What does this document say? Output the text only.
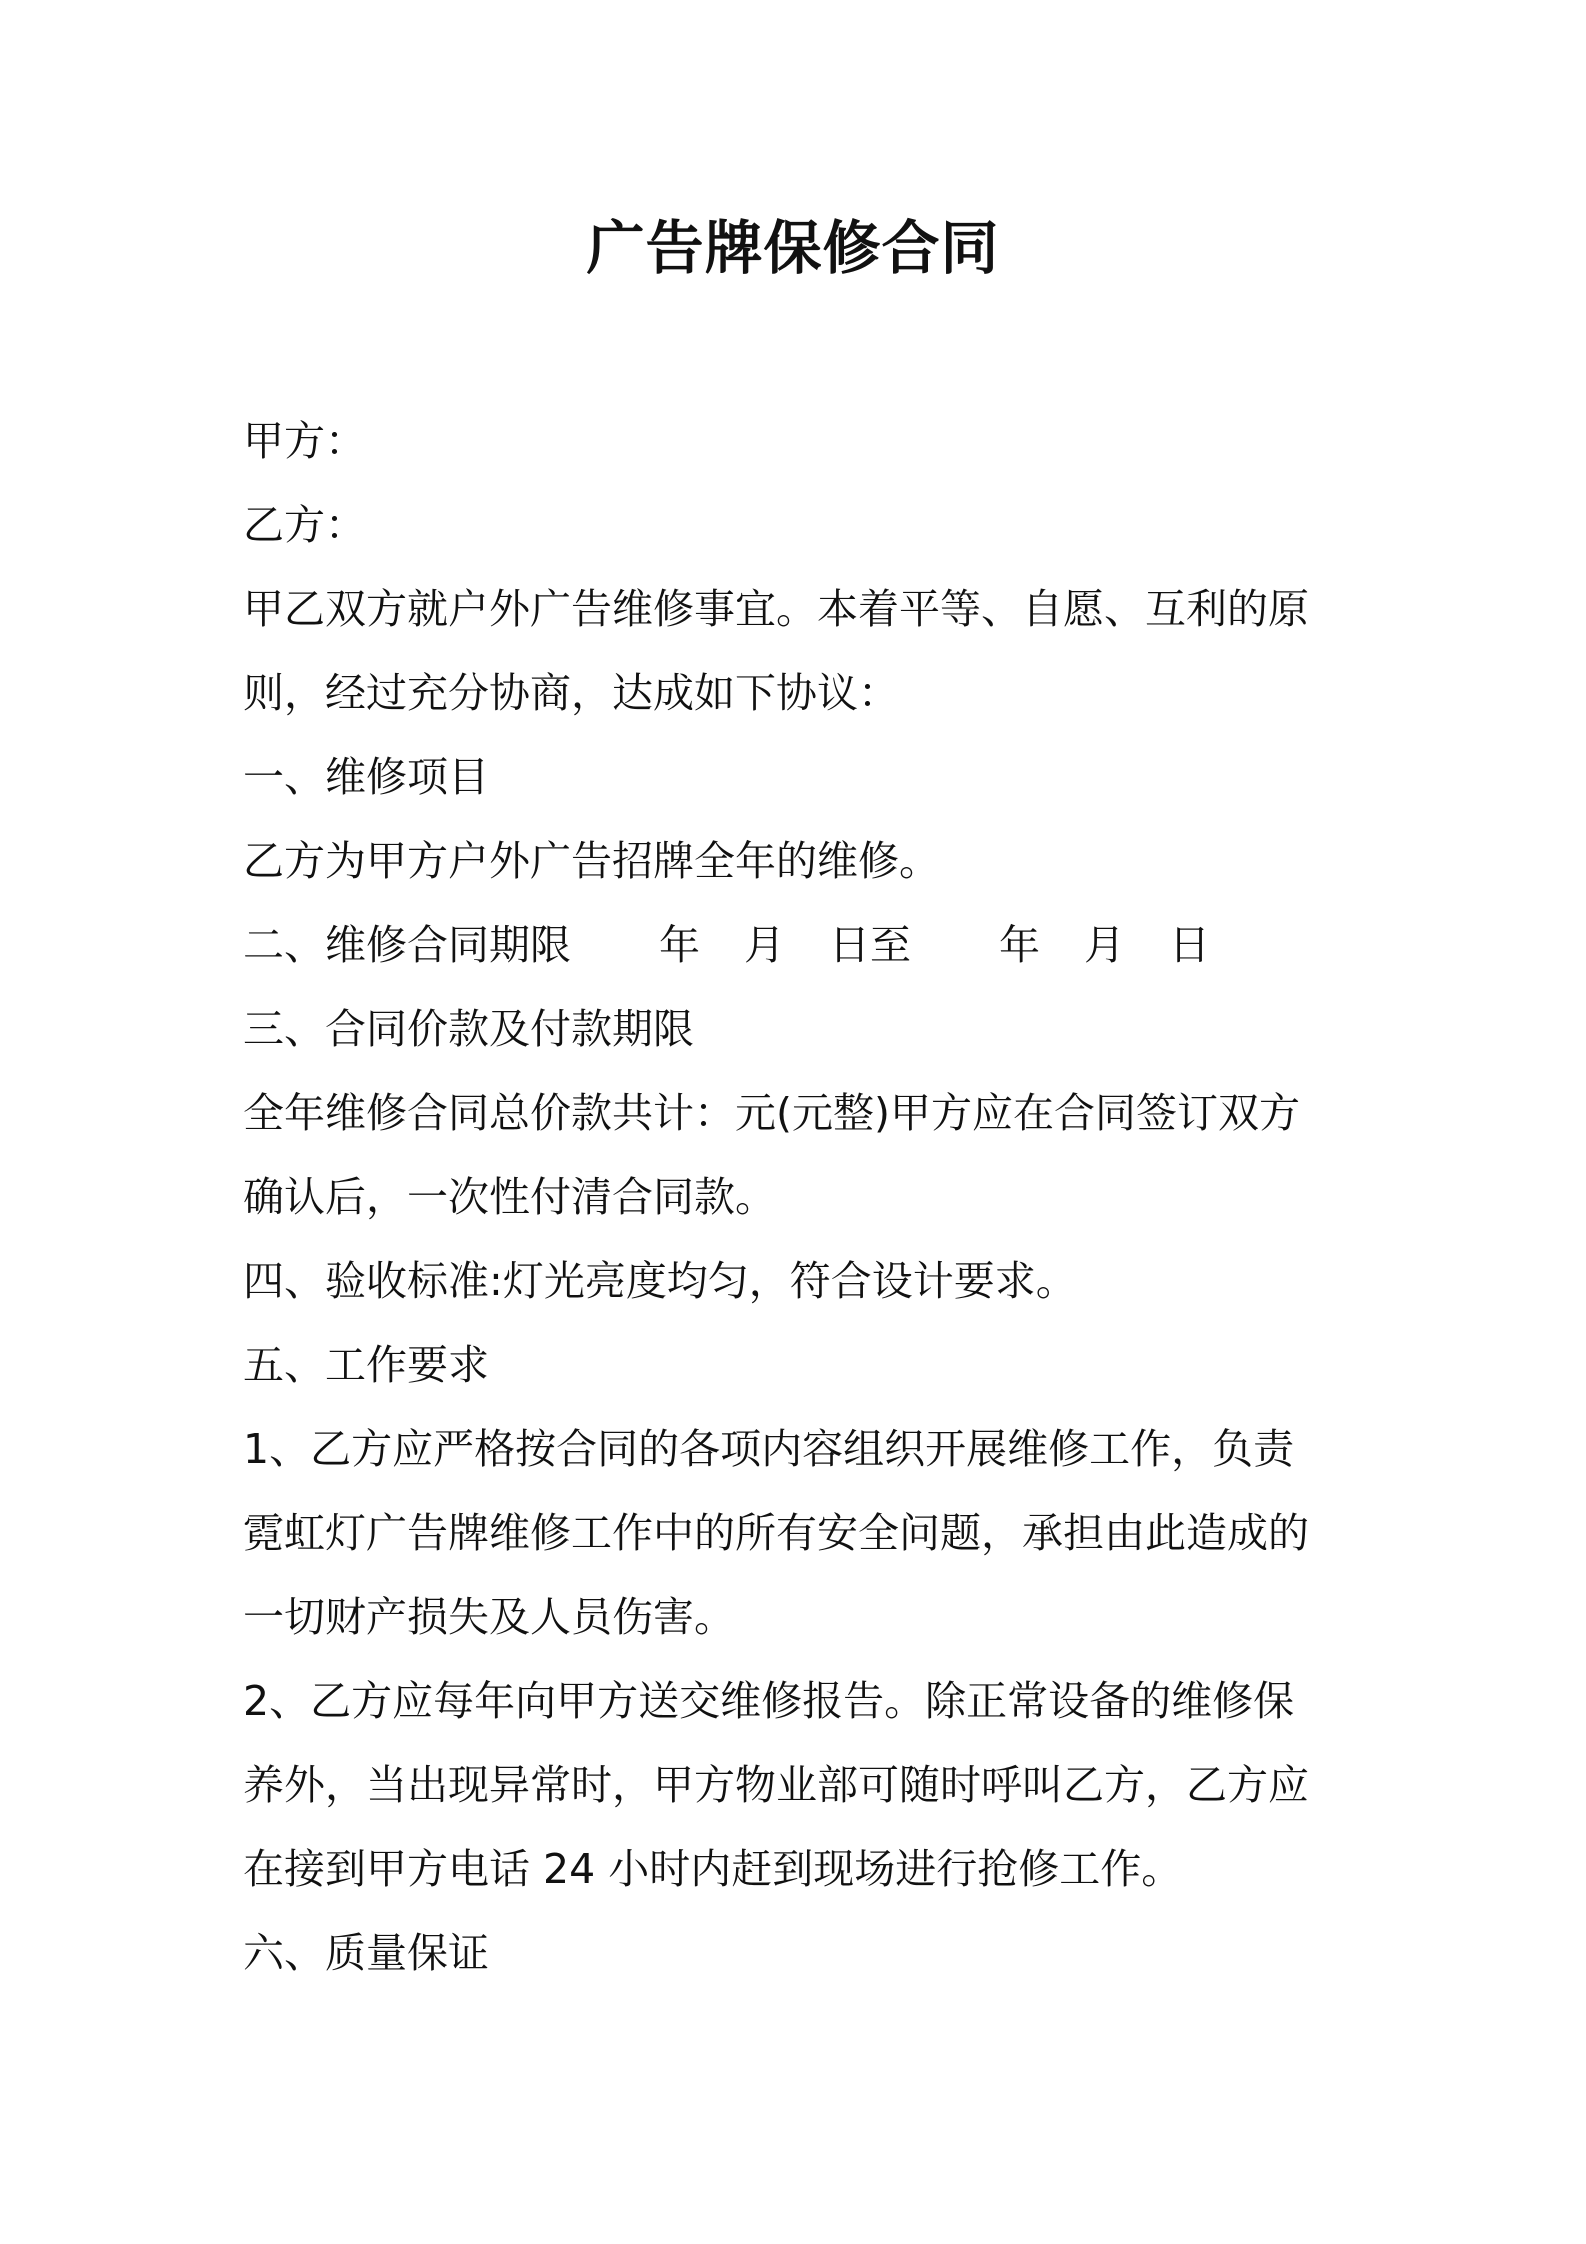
广告牌保修合同
甲方：
乙方：
甲乙双方就户外广告维修事宜。本着平等、自愿、互利的原
则，经过充分协商，达成如下协议：
一、维修项目
乙方为甲方户外广告招牌全年的维修。
二、维修合同期限 年 月 日至 年 月 日
三、合同价款及付款期限
全年维修合同总价款共计：元(元整)甲方应在合同签订双方
确认后，一次性付清合同款。
四、验收标准:灯光亮度均匀，符合设计要求。
五、工作要求
1、乙方应严格按合同的各项内容组织开展维修工作，负责
霓虹灯广告牌维修工作中的所有安全问题，承担由此造成的
一切财产损失及人员伤害。
2、乙方应每年向甲方送交维修报告。除正常设备的维修保
养外，当出现异常时，甲方物业部可随时呼叫乙方，乙方应
在接到甲方电话 24 小时内赶到现场进行抢修工作。
六、质量保证
